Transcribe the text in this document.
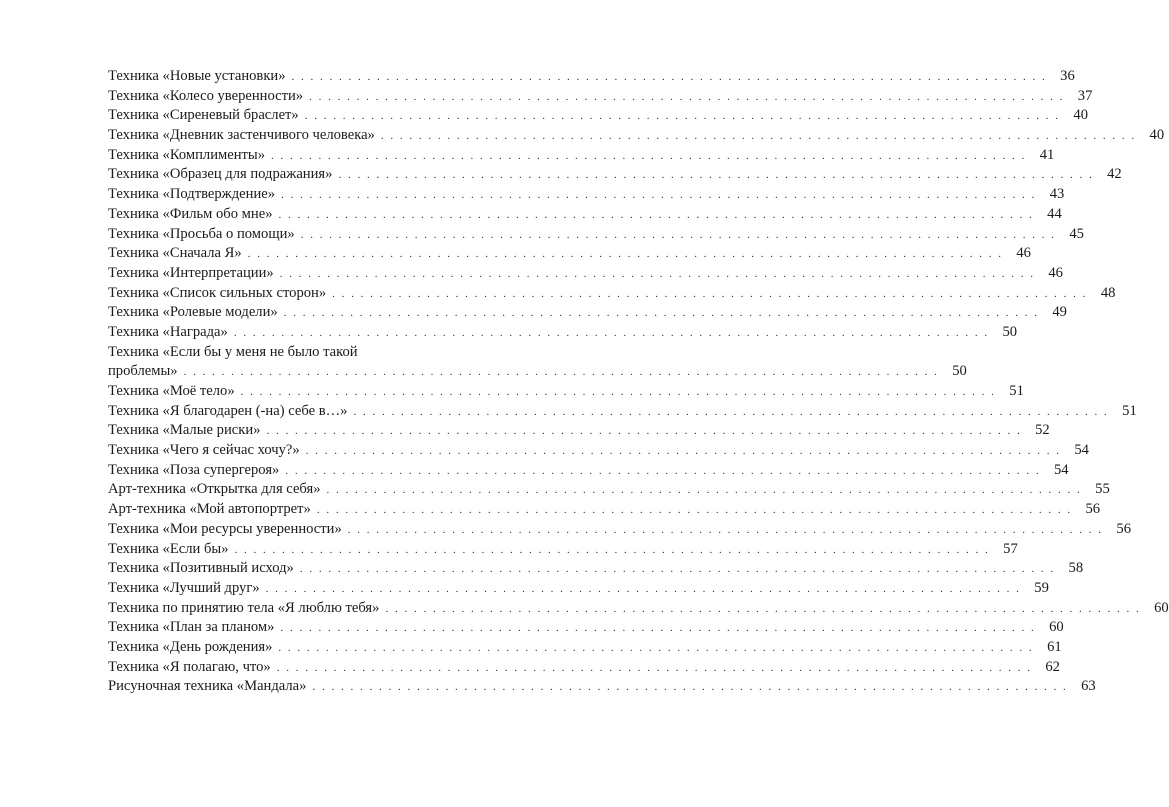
Техника «Новые установки» . . . . . . . . . . . . . . . . . . . . . . . . . . . . . . . . . . . . . . . . . . . . . . . . . . . . . . . . . . . . . . . . . . . . . . . . . . . . . . . . 36
Техника «Колесо уверенности» . . . . . . . . . . . . . . . . . . . . . . . . . . . . . . . . . . . . . . . . . . . . . . . . . . . . . . . . . . . . . . . . . . . . . . . . . . . . . . . . 37
Техника «Сиреневый браслет» . . . . . . . . . . . . . . . . . . . . . . . . . . . . . . . . . . . . . . . . . . . . . . . . . . . . . . . . . . . . . . . . . . . . . . . . . . . . . . . . 40
Техника «Дневник застенчивого человека» . . . . . . . . . . . . . . . . . . . . . . . . . . . . . . . . . . . . . . . . . . . . . . . . . . . . . . . . . . . . . . . . . . . . . . . . . . . . . . . . 40
Техника «Комплименты» . . . . . . . . . . . . . . . . . . . . . . . . . . . . . . . . . . . . . . . . . . . . . . . . . . . . . . . . . . . . . . . . . . . . . . . . . . . . . . . . 41
Техника «Образец для подражания» . . . . . . . . . . . . . . . . . . . . . . . . . . . . . . . . . . . . . . . . . . . . . . . . . . . . . . . . . . . . . . . . . . . . . . . . . . . . . . . . 42
Техника «Подтверждение» . . . . . . . . . . . . . . . . . . . . . . . . . . . . . . . . . . . . . . . . . . . . . . . . . . . . . . . . . . . . . . . . . . . . . . . . . . . . . . . . 43
Техника «Фильм обо мне» . . . . . . . . . . . . . . . . . . . . . . . . . . . . . . . . . . . . . . . . . . . . . . . . . . . . . . . . . . . . . . . . . . . . . . . . . . . . . . . . 44
Техника «Просьба о помощи» . . . . . . . . . . . . . . . . . . . . . . . . . . . . . . . . . . . . . . . . . . . . . . . . . . . . . . . . . . . . . . . . . . . . . . . . . . . . . . . . 45
Техника «Сначала Я» . . . . . . . . . . . . . . . . . . . . . . . . . . . . . . . . . . . . . . . . . . . . . . . . . . . . . . . . . . . . . . . . . . . . . . . . . . . . . . . . 46
Техника «Интерпретации» . . . . . . . . . . . . . . . . . . . . . . . . . . . . . . . . . . . . . . . . . . . . . . . . . . . . . . . . . . . . . . . . . . . . . . . . . . . . . . . . 46
Техника «Список сильных сторон» . . . . . . . . . . . . . . . . . . . . . . . . . . . . . . . . . . . . . . . . . . . . . . . . . . . . . . . . . . . . . . . . . . . . . . . . . . . . . . . . 48
Техника «Ролевые модели» . . . . . . . . . . . . . . . . . . . . . . . . . . . . . . . . . . . . . . . . . . . . . . . . . . . . . . . . . . . . . . . . . . . . . . . . . . . . . . . . 49
Техника «Награда» . . . . . . . . . . . . . . . . . . . . . . . . . . . . . . . . . . . . . . . . . . . . . . . . . . . . . . . . . . . . . . . . . . . . . . . . . . . . . . . . 50
Техника «Если бы у меня не было такой
проблемы» . . . . . . . . . . . . . . . . . . . . . . . . . . . . . . . . . . . . . . . . . . . . . . . . . . . . . . . . . . . . . . . . . . . . . . . . . . . . . . . . 50
Техника «Моё тело» . . . . . . . . . . . . . . . . . . . . . . . . . . . . . . . . . . . . . . . . . . . . . . . . . . . . . . . . . . . . . . . . . . . . . . . . . . . . . . . . 51
Техника «Я благодарен (-на) себе в…» . . . . . . . . . . . . . . . . . . . . . . . . . . . . . . . . . . . . . . . . . . . . . . . . . . . . . . . . . . . . . . . . . . . . . . . . . . . . . . . . 51
Техника «Малые риски» . . . . . . . . . . . . . . . . . . . . . . . . . . . . . . . . . . . . . . . . . . . . . . . . . . . . . . . . . . . . . . . . . . . . . . . . . . . . . . . . 52
Техника «Чего я сейчас хочу?» . . . . . . . . . . . . . . . . . . . . . . . . . . . . . . . . . . . . . . . . . . . . . . . . . . . . . . . . . . . . . . . . . . . . . . . . . . . . . . . . 54
Техника «Поза супергероя» . . . . . . . . . . . . . . . . . . . . . . . . . . . . . . . . . . . . . . . . . . . . . . . . . . . . . . . . . . . . . . . . . . . . . . . . . . . . . . . . 54
Арт-техника «Открытка для себя» . . . . . . . . . . . . . . . . . . . . . . . . . . . . . . . . . . . . . . . . . . . . . . . . . . . . . . . . . . . . . . . . . . . . . . . . . . . . . . . . 55
Арт-техника «Мой автопортрет» . . . . . . . . . . . . . . . . . . . . . . . . . . . . . . . . . . . . . . . . . . . . . . . . . . . . . . . . . . . . . . . . . . . . . . . . . . . . . . . . 56
Техника «Мои ресурсы уверенности» . . . . . . . . . . . . . . . . . . . . . . . . . . . . . . . . . . . . . . . . . . . . . . . . . . . . . . . . . . . . . . . . . . . . . . . . . . . . . . . . 56
Техника «Если бы» . . . . . . . . . . . . . . . . . . . . . . . . . . . . . . . . . . . . . . . . . . . . . . . . . . . . . . . . . . . . . . . . . . . . . . . . . . . . . . . . 57
Техника «Позитивный исход» . . . . . . . . . . . . . . . . . . . . . . . . . . . . . . . . . . . . . . . . . . . . . . . . . . . . . . . . . . . . . . . . . . . . . . . . . . . . . . . . 58
Техника «Лучший друг» . . . . . . . . . . . . . . . . . . . . . . . . . . . . . . . . . . . . . . . . . . . . . . . . . . . . . . . . . . . . . . . . . . . . . . . . . . . . . . . . 59
Техника по принятию тела «Я люблю тебя» . . . . . . . . . . . . . . . . . . . . . . . . . . . . . . . . . . . . . . . . . . . . . . . . . . . . . . . . . . . . . . . . . . . . . . . . . . . . . . . . 60
Техника «План за планом» . . . . . . . . . . . . . . . . . . . . . . . . . . . . . . . . . . . . . . . . . . . . . . . . . . . . . . . . . . . . . . . . . . . . . . . . . . . . . . . . 60
Техника «День рождения» . . . . . . . . . . . . . . . . . . . . . . . . . . . . . . . . . . . . . . . . . . . . . . . . . . . . . . . . . . . . . . . . . . . . . . . . . . . . . . . . 61
Техника «Я полагаю, что» . . . . . . . . . . . . . . . . . . . . . . . . . . . . . . . . . . . . . . . . . . . . . . . . . . . . . . . . . . . . . . . . . . . . . . . . . . . . . . . . 62
Рисуночная техника «Мандала» . . . . . . . . . . . . . . . . . . . . . . . . . . . . . . . . . . . . . . . . . . . . . . . . . . . . . . . . . . . . . . . . . . . . . . . . . . . . . . . . 63
